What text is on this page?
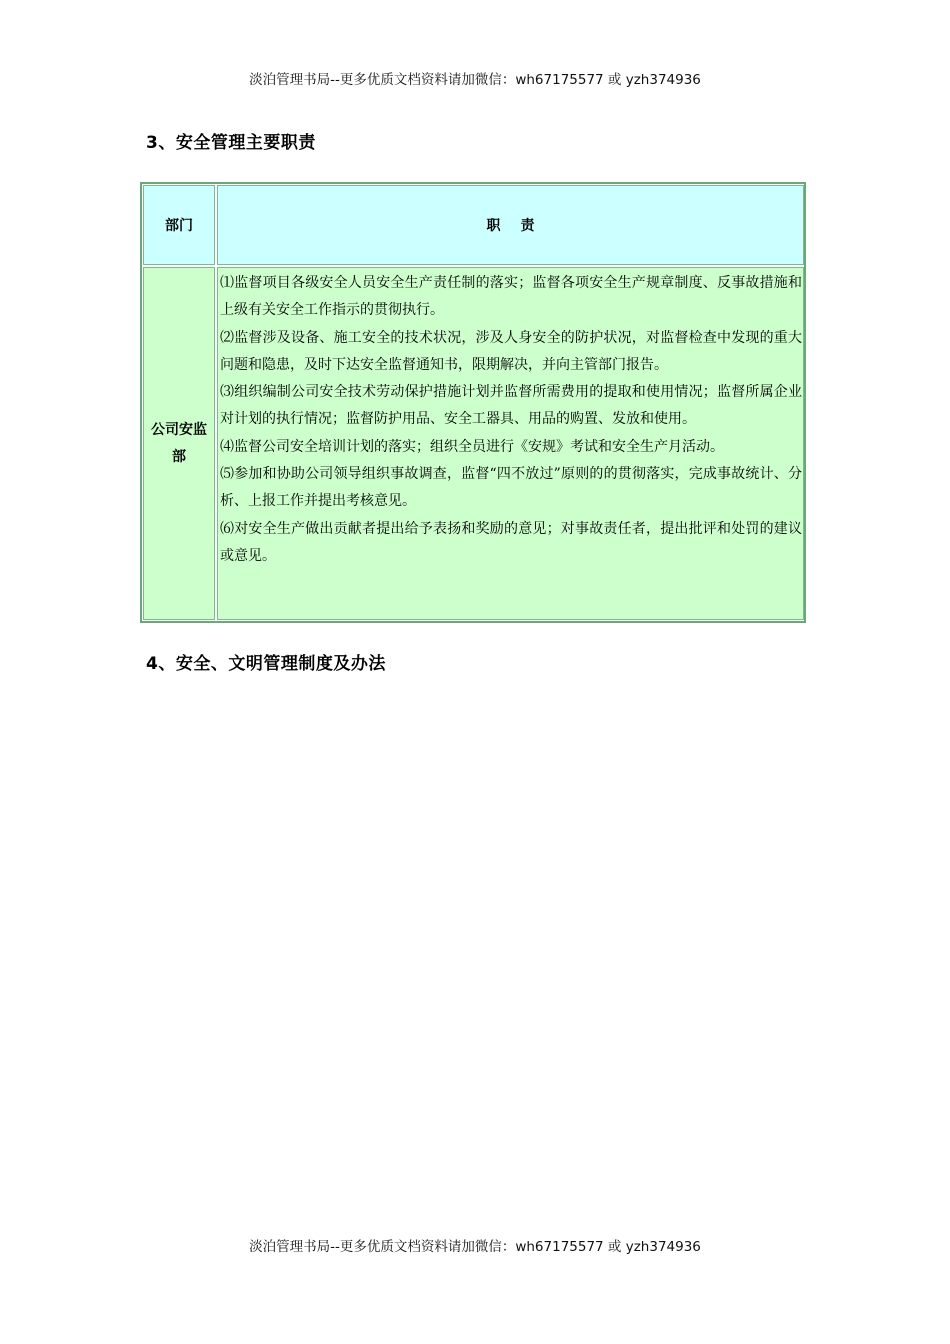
淡泊管理书局--更多优质文档资料请加微信：wh67175577 或 yzh374936
3、安全管理主要职责
部门	职责
公司安监部
⑴监督项目各级安全人员安全生产责任制的落实；监督各项安全生产规章制度、反事故措施和上级有关安全工作指示的贯彻执行。
⑵监督涉及设备、施工安全的技术状况，涉及人身安全的防护状况，对监督检查中发现的重大问题和隐患，及时下达安全监督通知书，限期解决，并向主管部门报告。
⑶组织编制公司安全技术劳动保护措施计划并监督所需费用的提取和使用情况；监督所属企业对计划的执行情况；监督防护用品、安全工器具、用品的购置、发放和使用。
⑷监督公司安全培训计划的落实；组织全员进行《安规》考试和安全生产月活动。
⑸参加和协助公司领导组织事故调查，监督“四不放过”原则的的贯彻落实，完成事故统计、分析、上报工作并提出考核意见。
⑹对安全生产做出贡献者提出给予表扬和奖励的意见；对事故责任者，提出批评和处罚的建议或意见。
4、安全、文明管理制度及办法
淡泊管理书局--更多优质文档资料请加微信：wh67175577 或 yzh374936
